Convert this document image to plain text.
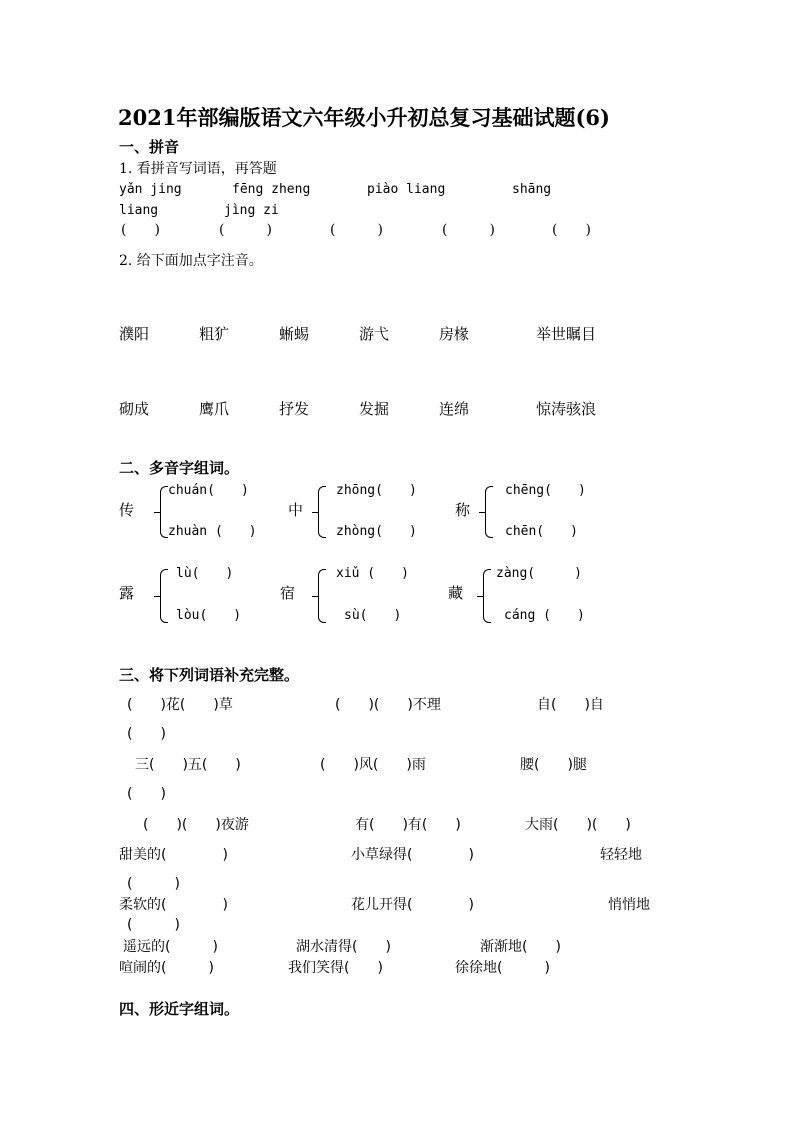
2021年部编版语文六年级小升初总复习基础试题(6)
一、拼音
1. 看拼音写词语，再答题
yǎn jing	fēng zheng	piào liang	shāng
liang	jìng zi
(　　)	(　　　)	(　　　)	(　　　)	(　　)
2. 给下面加点字注音。
濮阳	粗犷	蜥蜴	游弋	房椽	举世瞩目
砌成	鹰爪	抒发	发掘	连绵	惊涛骇浪
二、多音字组词。
传
chuán(　　)
zhuàn (　　)
中
zhōng(　　)
zhòng(　　)
称
chēng(　　)
chēn(　　)
露
lù(　　)
lòu(　　)
宿
xiǔ (　　)
sù(　　)
藏
zàng(　　　)
cáng (　　)
三、将下列词语补充完整。
(　　)花(　　)草	(　　)(　　)不理	自(　　)自
(　　)
三(　　)五(　　)	(　　)风(　　)雨	腰(　　)腿
(　　)
(　　)(　　)夜游	有(　　)有(　　)	大雨(　　)(　　)
甜美的(　　　　)	小草绿得(　　　　)	轻轻地
(　　　)
柔软的(　　　　)	花儿开得(　　　　)	悄悄地
(　　　)
遥远的(　　　)	湖水清得(　　)	渐渐地(　　)
喧闹的(　　　)	我们笑得(　　)	徐徐地(　　　)
四、形近字组词。
